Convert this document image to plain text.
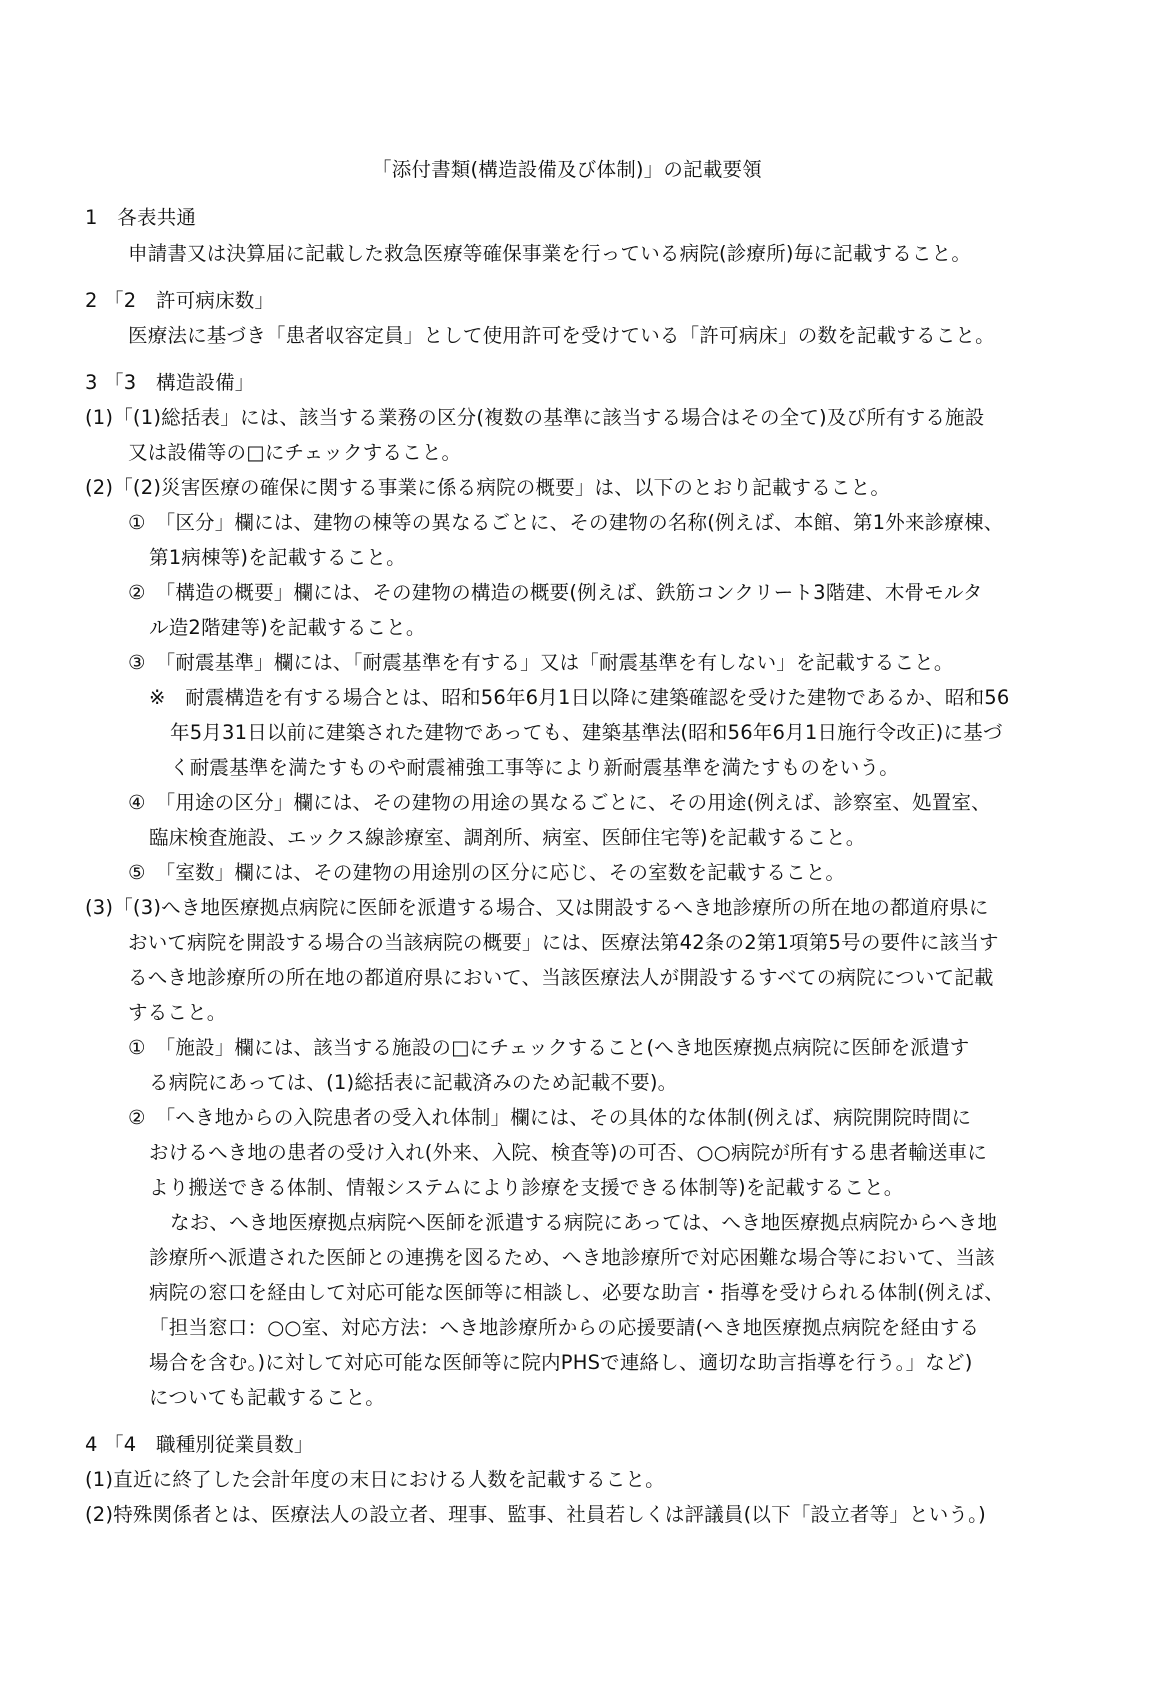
「添付書類(構造設備及び体制)」の記載要領
1　各表共通
申請書又は決算届に記載した救急医療等確保事業を行っている病院(診療所)毎に記載すること。
2 「2　許可病床数」
医療法に基づき「患者収容定員」として使用許可を受けている「許可病床」の数を記載すること。
3 「3　構造設備」
(1)「(1)総括表」には、該当する業務の区分(複数の基準に該当する場合はその全て)及び所有する施設
又は設備等の□にチェックすること。
(2)「(2)災害医療の確保に関する事業に係る病院の概要」は、以下のとおり記載すること。
①　「区分」欄には、建物の棟等の異なるごとに、その建物の名称(例えば、本館、第1外来診療棟、
第1病棟等)を記載すること。
②　「構造の概要」欄には、その建物の構造の概要(例えば、鉄筋コンクリート3階建、木骨モルタ
ル造2階建等)を記載すること。
③　「耐震基準」欄には、「耐震基準を有する」又は「耐震基準を有しない」を記載すること。
※　耐震構造を有する場合とは、昭和56年6月1日以降に建築確認を受けた建物であるか、昭和56
年5月31日以前に建築された建物であっても、建築基準法(昭和56年6月1日施行令改正)に基づ
く耐震基準を満たすものや耐震補強工事等により新耐震基準を満たすものをいう。
④　「用途の区分」欄には、その建物の用途の異なるごとに、その用途(例えば、診察室、処置室、
臨床検査施設、エックス線診療室、調剤所、病室、医師住宅等)を記載すること。
⑤　「室数」欄には、その建物の用途別の区分に応じ、その室数を記載すること。
(3)「(3)へき地医療拠点病院に医師を派遣する場合、又は開設するへき地診療所の所在地の都道府県に
おいて病院を開設する場合の当該病院の概要」には、医療法第42条の2第1項第5号の要件に該当す
るへき地診療所の所在地の都道府県において、当該医療法人が開設するすべての病院について記載
すること。
①　「施設」欄には、該当する施設の□にチェックすること(へき地医療拠点病院に医師を派遣す
る病院にあっては、(1)総括表に記載済みのため記載不要)。
②　「へき地からの入院患者の受入れ体制」欄には、その具体的な体制(例えば、病院開院時間に
おけるへき地の患者の受け入れ(外来、入院、検査等)の可否、○○病院が所有する患者輸送車に
より搬送できる体制、情報システムにより診療を支援できる体制等)を記載すること。
なお、へき地医療拠点病院へ医師を派遣する病院にあっては、へき地医療拠点病院からへき地
診療所へ派遣された医師との連携を図るため、へき地診療所で対応困難な場合等において、当該
病院の窓口を経由して対応可能な医師等に相談し、必要な助言・指導を受けられる体制(例えば、
「担当窓口：○○室、対応方法：へき地診療所からの応援要請(へき地医療拠点病院を経由する
場合を含む。)に対して対応可能な医師等に院内PHSで連絡し、適切な助言指導を行う。」など)
についても記載すること。
4 「4　職種別従業員数」
(1)直近に終了した会計年度の末日における人数を記載すること。
(2)特殊関係者とは、医療法人の設立者、理事、監事、社員若しくは評議員(以下「設立者等」という。)
